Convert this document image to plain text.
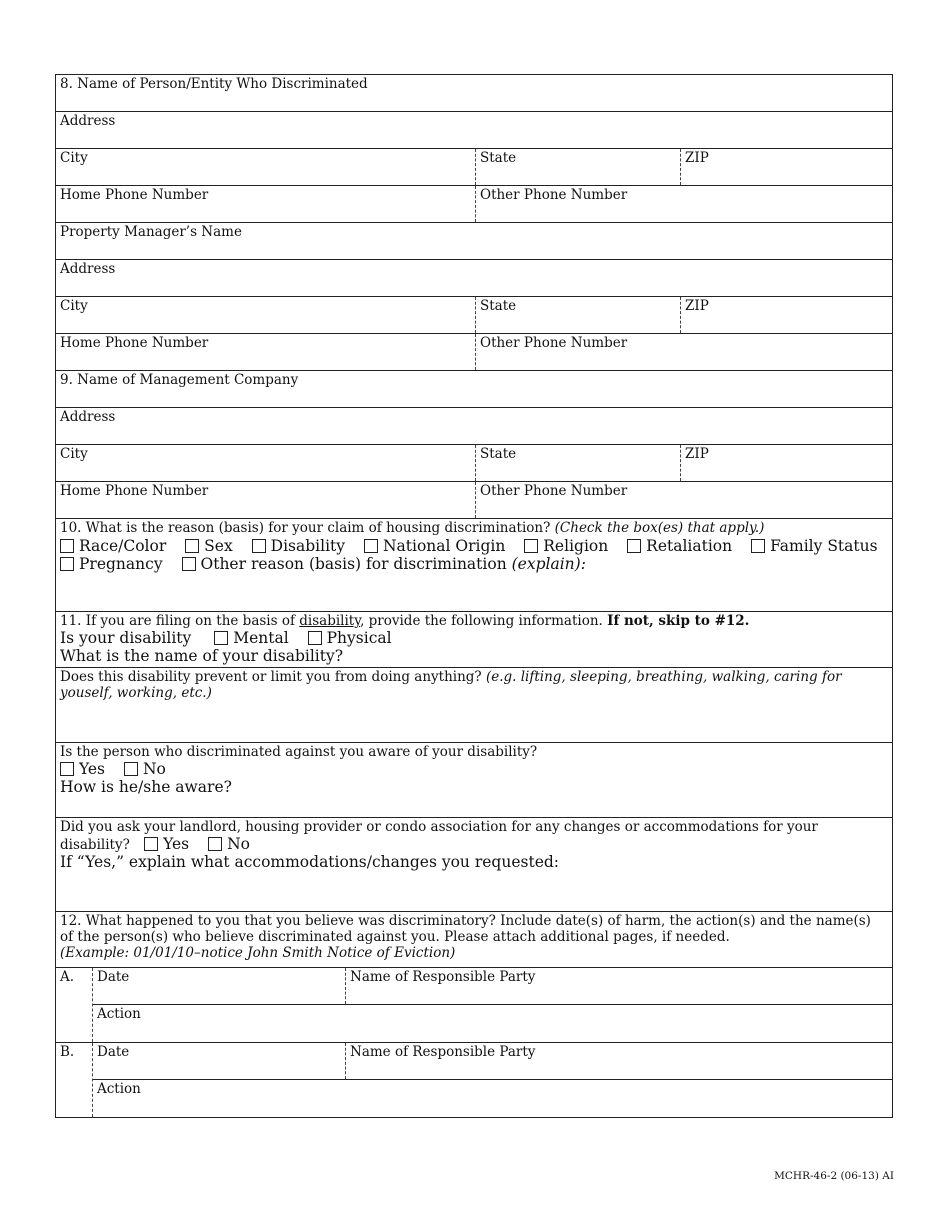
8. Name of Person/Entity Who Discriminated
Address
City	State	ZIP
Home Phone Number	Other Phone Number
Property Manager’s Name
Address
City	State	ZIP
Home Phone Number	Other Phone Number
9. Name of Management Company
Address
City	State	ZIP
Home Phone Number	Other Phone Number
10. What is the reason (basis) for your claim of housing discrimination? (Check the box(es) that apply.)
Race/Color Sex Disability National Origin Religion Retaliation Family Status
Pregnancy Other reason (basis) for discrimination (explain):
11. If you are filing on the basis of disability, provide the following information. If not, skip to #12.
Is your disability	Mental Physical
What is the name of your disability?
Does this disability prevent or limit you from doing anything? (e.g. lifting, sleeping, breathing, walking, caring for youself, working, etc.)
Is the person who discriminated against you aware of your disability?
Yes No
How is he/she aware?
Did you ask your landlord, housing provider or condo association for any changes or accommodations for your disability? Yes No
If “Yes,” explain what accommodations/changes you requested:
12. What happened to you that you believe was discriminatory? Include date(s) of harm, the action(s) and the name(s) of the person(s) who believe discriminated against you. Please attach additional pages, if needed.
(Example: 01/01/10–notice John Smith Notice of Eviction)
A.	Date	Name of Responsible Party
Action
B.	Date	Name of Responsible Party
Action
MCHR-46-2 (06-13) AI
